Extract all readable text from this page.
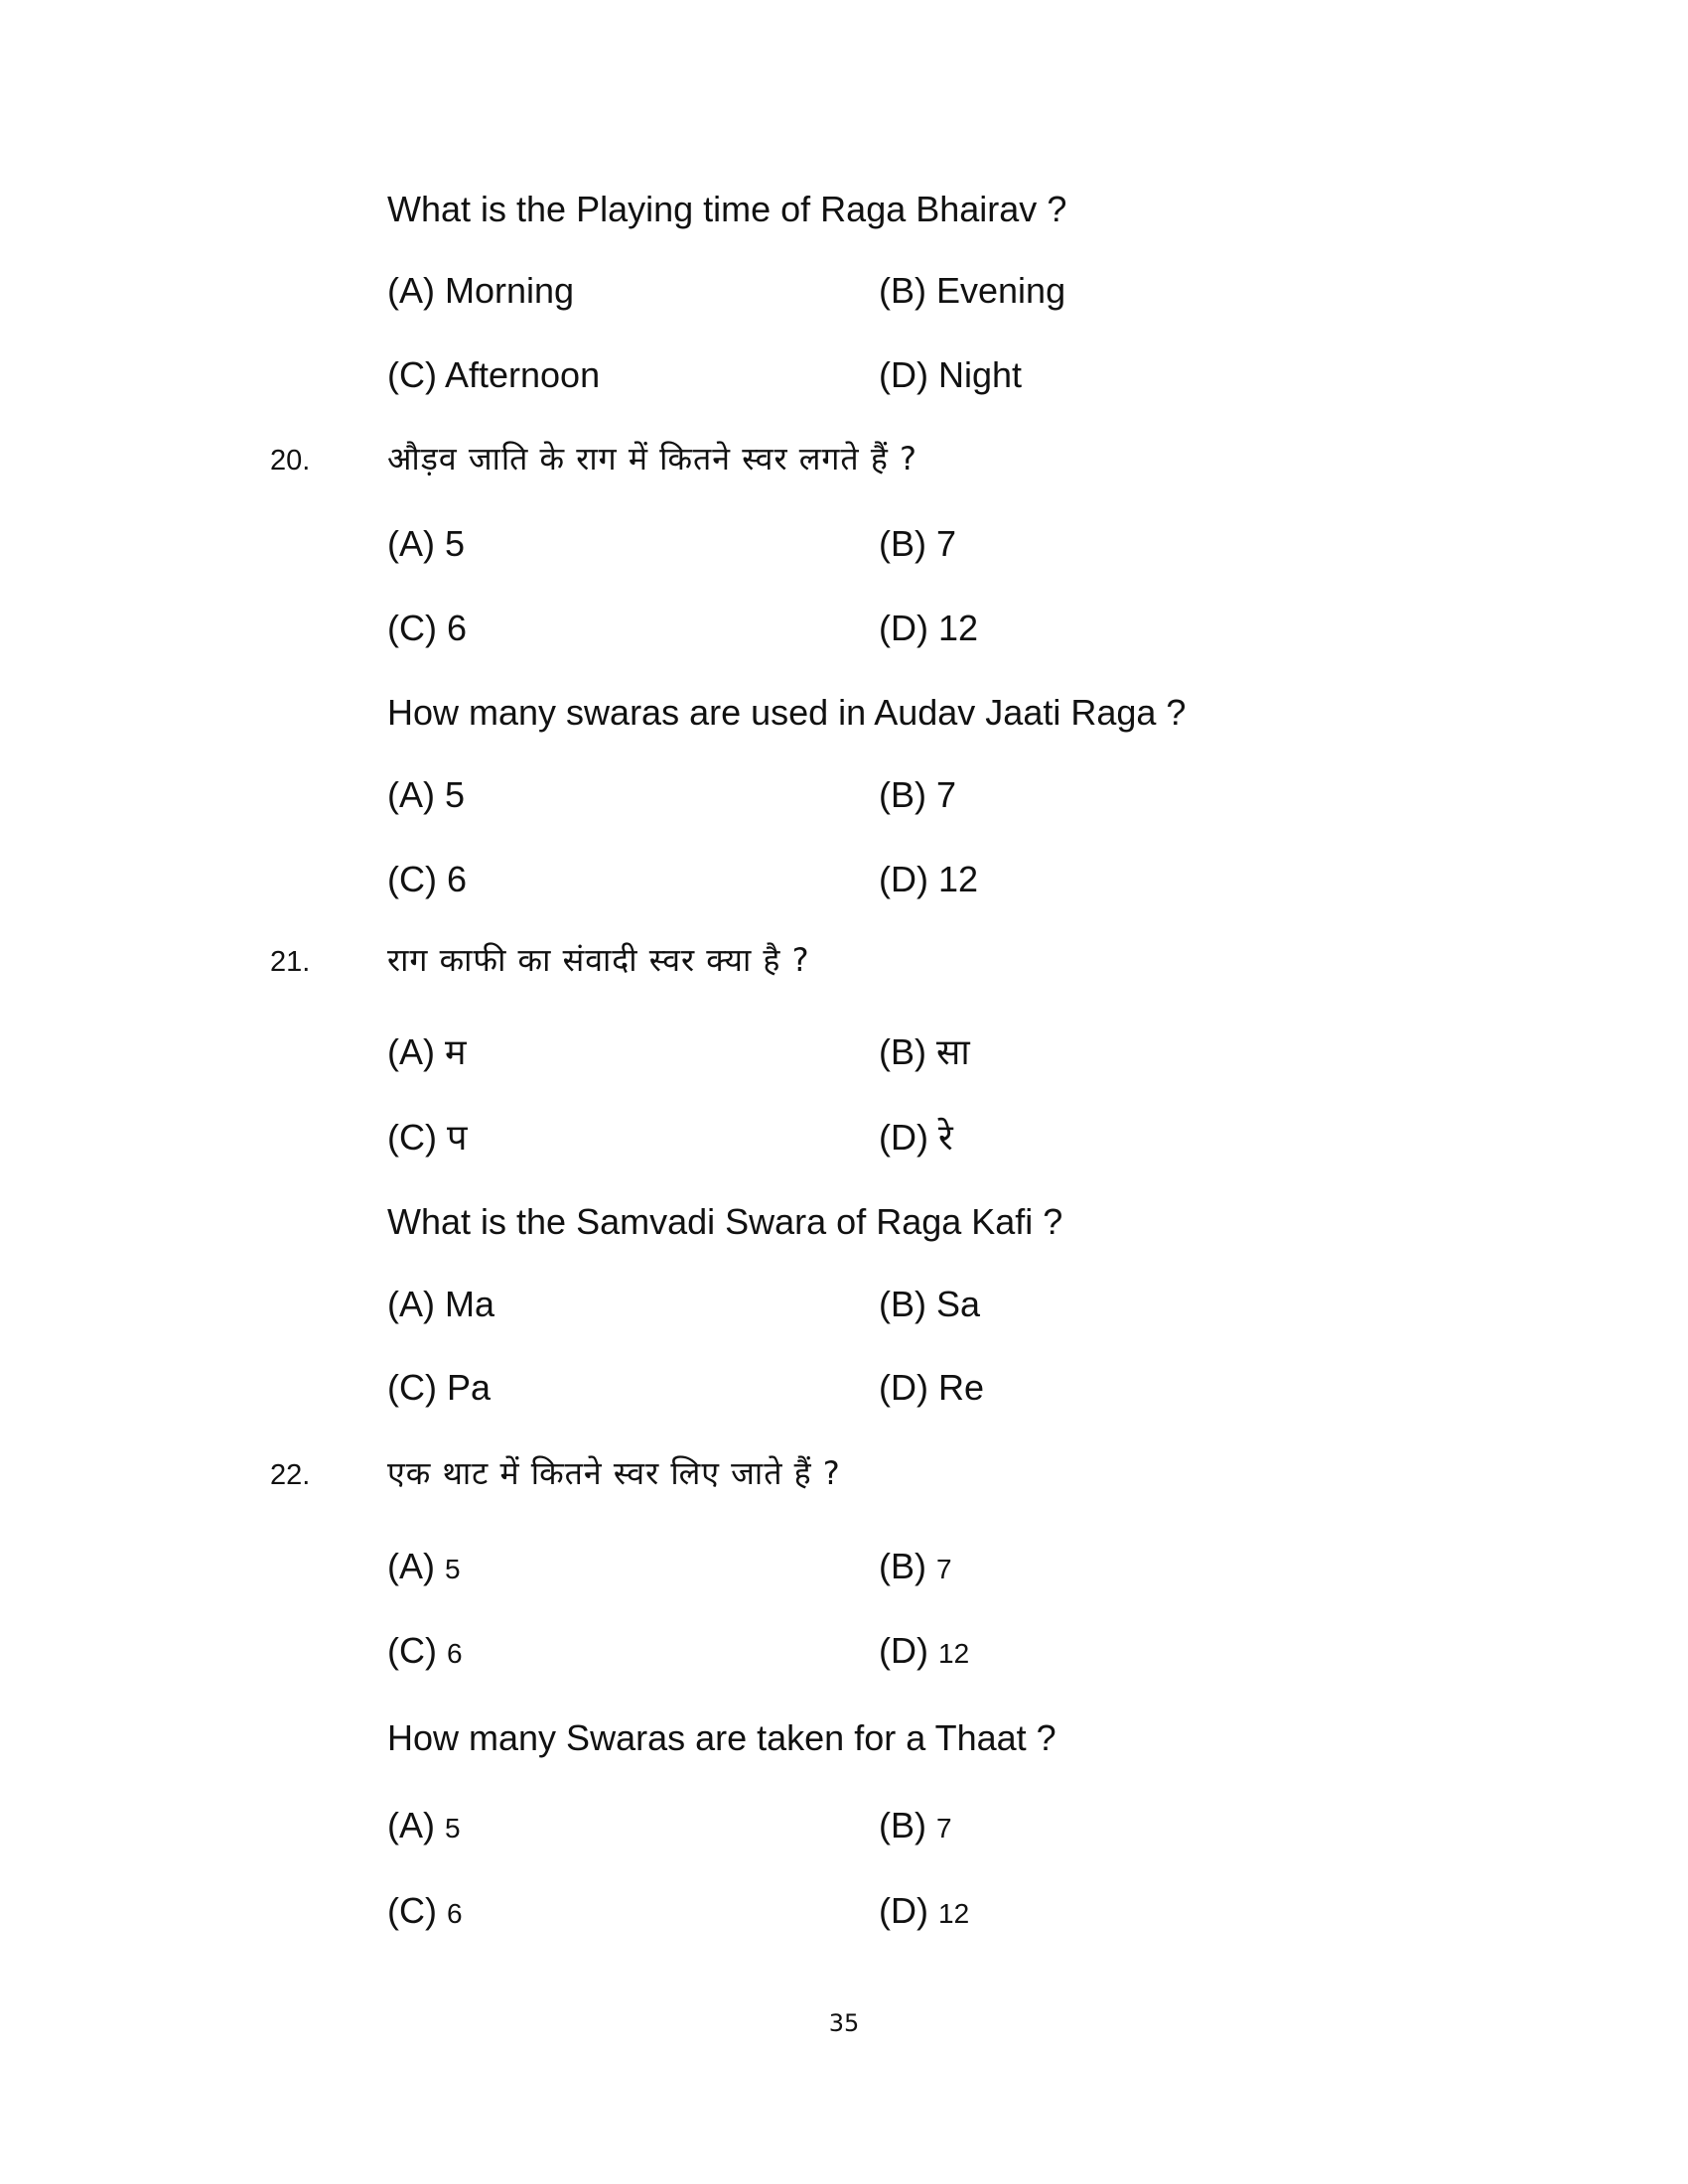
What is the Playing time of Raga Bhairav ?
(A) Morning	(B) Evening
(C) Afternoon	(D) Night
20. औड़व जाति के राग में कितने स्वर लगते हैं ?
(A) 5	(B) 7
(C) 6	(D) 12
How many swaras are used in Audav Jaati Raga ?
(A) 5	(B) 7
(C) 6	(D) 12
21. राग काफी का संवादी स्वर क्या है ?
(A) म	(B) सा
(C) प	(D) रे
What is the Samvadi Swara of Raga Kafi ?
(A) Ma	(B) Sa
(C) Pa	(D) Re
22. एक थाट में कितने स्वर लिए जाते हैं ?
(A) 5	(B) 7
(C) 6	(D) 12
How many Swaras are taken for a Thaat ?
(A) 5	(B) 7
(C) 6	(D) 12
35
